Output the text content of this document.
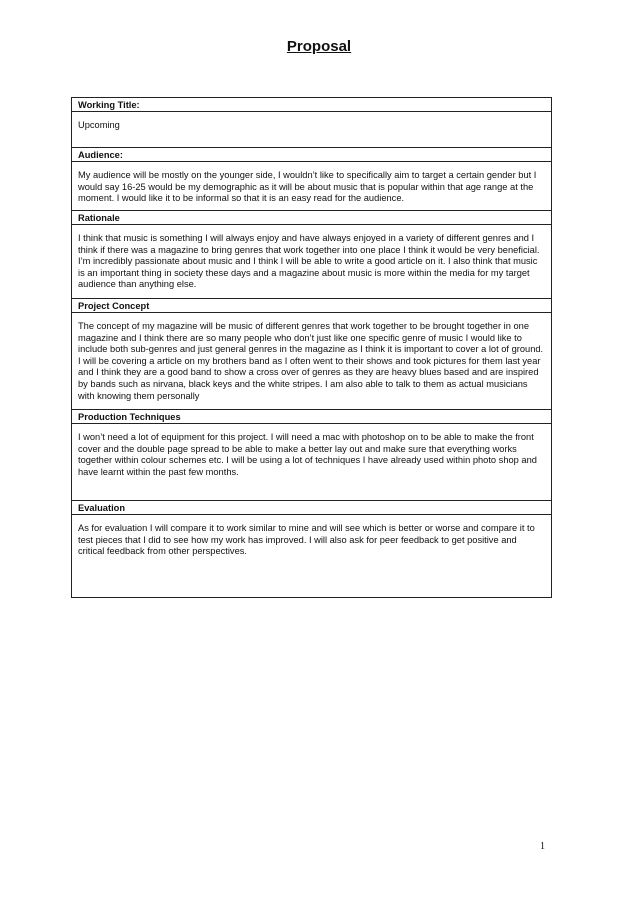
Proposal
Working Title:
Upcoming
Audience:
My audience will be mostly on the younger side, I wouldn’t like to specifically aim to target a certain gender but I would say 16-25 would be my demographic as it will be about music that is popular within that age range at the moment. I would like it to be informal so that it is an easy read for the audience.
Rationale
I think that music is something I will always enjoy and have always enjoyed in a variety of different genres and I think if there was a magazine to bring genres that work together into one place I think it would be very beneficial. I’m incredibly passionate about music and I think I will be able to write a good article on it. I also think that music is an important thing in society these days and a magazine about music is more within the media for my target audience than anything else.
Project Concept
The concept of my magazine will be music of different genres that work together to be brought together in one magazine and I think there are so many people who don’t just like one specific genre of music I would like to include both sub-genres and just general genres in the magazine as I think it is important to cover a lot of ground. I will be covering a article on my brothers band as I often went to their shows and took pictures for them last year and I think they are a good band to show a cross over of genres as they are heavy blues based and are inspired by bands such as nirvana, black keys and the white stripes. I am also able to talk to them as actual musicians with knowing them personally
Production Techniques
I won’t need a lot of equipment for this project. I will need a mac with photoshop on to be able to make the front cover and the double page spread to be able to make a better lay out and make sure that everything works together within colour schemes etc. I will be using a lot of techniques I have already used within photo shop and have learnt within the past few months.
Evaluation
As for evaluation I will compare it to work similar to mine and will see which is better or worse and compare it to test pieces that I did to see how my work has improved. I will also ask for peer feedback to get positive and critical feedback from other perspectives.
1
